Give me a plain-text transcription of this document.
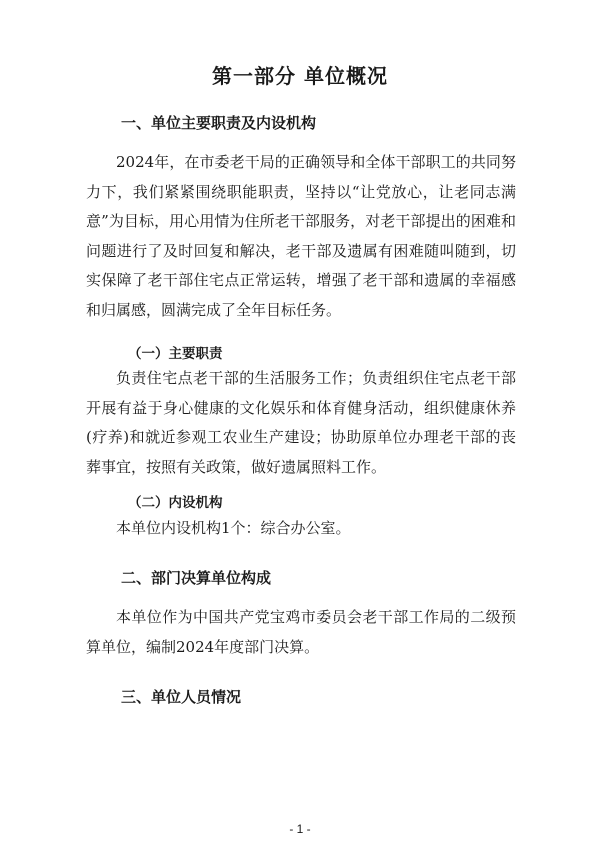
第一部分 单位概况
一、单位主要职责及内设机构

2024年，在市委老干局的正确领导和全体干部职工的共同努力下，我们紧紧围绕职能职责，坚持以“让党放心，让老同志满意”为目标，用心用情为住所老干部服务，对老干部提出的困难和问题进行了及时回复和解决，老干部及遗属有困难随叫随到，切实保障了老干部住宅点正常运转，增强了老干部和遗属的幸福感和归属感，圆满完成了全年目标任务。

（一）主要职责

负责住宅点老干部的生活服务工作；负责组织住宅点老干部开展有益于身心健康的文化娱乐和体育健身活动，组织健康休养(疗养)和就近参观工农业生产建设；协助原单位办理老干部的丧葬事宜，按照有关政策，做好遗属照料工作。

（二）内设机构

本单位内设机构1个：综合办公室。

二、部门决算单位构成

本单位作为中国共产党宝鸡市委员会老干部工作局的二级预算单位，编制2024年度部门决算。

三、单位人员情况

- 1 -
